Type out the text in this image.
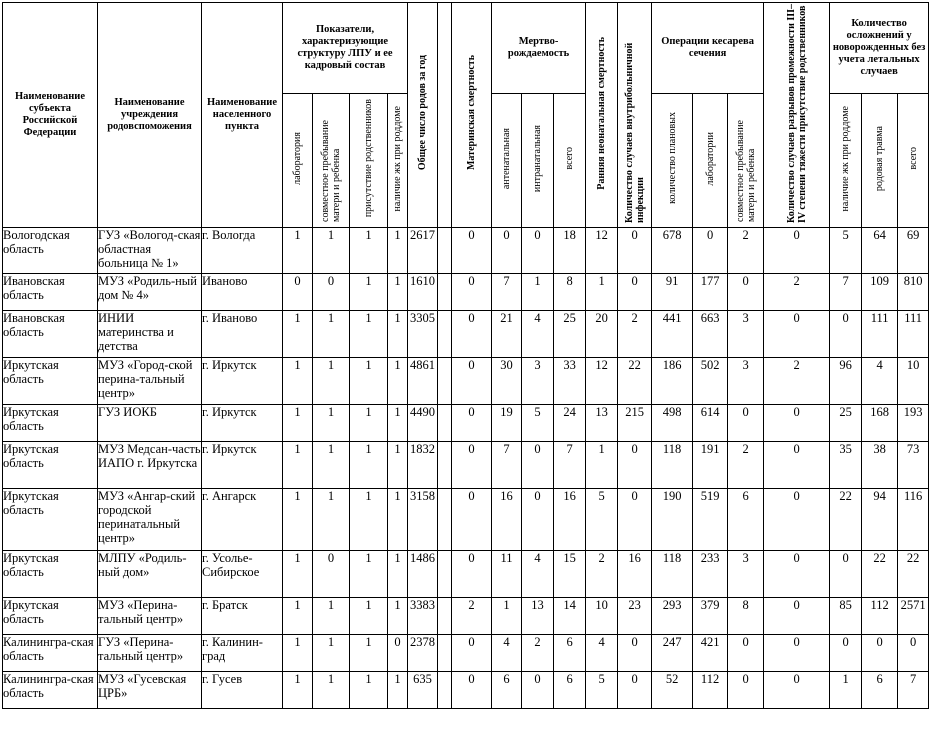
Наименование субъекта Российской Федерации	Наименование учреждения родовспоможения	Наименование населенного пункта	Показатели, характеризующие структуру ЛПУ и ее кадровый состав				Общее число родов за год		Материнская смертность	Мертво-рождаемость			Ранняя неонатальная смертность	Количество случаев внутрибольничной инфекции	Операции кесарева сечения			Количество случаев разрывов промежности III–IV степени тяжести присутствие родственников	Количество осложнений у новорожденных без учета летальных случаев		
			лаборатория	совместное пребывание матери и ребенка	присутствие родственников	наличие жк при роддоме				антенатальная	интранатальная	всего			количество плановых	лаборатории	совместное пребывание матери и ребенка		наличие жк при роддоме	родовая травма	всего
Вологодская область	ГУЗ «Вологод-ская областная больница № 1»	г. Вологда	1	1	1	1	2617		0	0	0	18	12	0	678	0	2	0	5	64	69
Ивановская область	МУЗ «Родиль-ный дом № 4»	Иваново	0	0	1	1	1610		0	7	1	8	1	0	91	177	0	2	7	109	810
Ивановская область	ИНИИ материнства и детства	г. Иваново	1	1	1	1	3305		0	21	4	25	20	2	441	663	3	0	0	111	111
Иркутская область	МУЗ «Город-ской перина-тальный центр»	г. Иркутск	1	1	1	1	4861		0	30	3	33	12	22	186	502	3	2	96	4	10
Иркутская область	ГУЗ ИОКБ	г. Иркутск	1	1	1	1	4490		0	19	5	24	13	215	498	614	0	0	25	168	193
Иркутская область	МУЗ Медсан-часть ИАПО г. Иркутска	г. Иркутск	1	1	1	1	1832		0	7	0	7	1	0	118	191	2	0	35	38	73
Иркутская область	МУЗ «Ангар-ский городской перинатальный центр»	г. Ангарск	1	1	1	1	3158		0	16	0	16	5	0	190	519	6	0	22	94	116
Иркутская область	МЛПУ «Родиль-ный дом»	г. Усолье-Сибирское	1	0	1	1	1486		0	11	4	15	2	16	118	233	3	0	0	22	22
Иркутская область	МУЗ «Перина-тальный центр»	г. Братск	1	1	1	1	3383		2	1	13	14	10	23	293	379	8	0	85	112	2571
Калинингра-ская область	ГУЗ «Перина-тальный центр»	г. Калинин-град	1	1	1	0	2378		0	4	2	6	4	0	247	421	0	0	0	0	0
Калинингра-ская область	МУЗ «Гусевская ЦРБ»	г. Гусев	1	1	1	1	635		0	6	0	6	5	0	52	112	0	0	1	6	7
